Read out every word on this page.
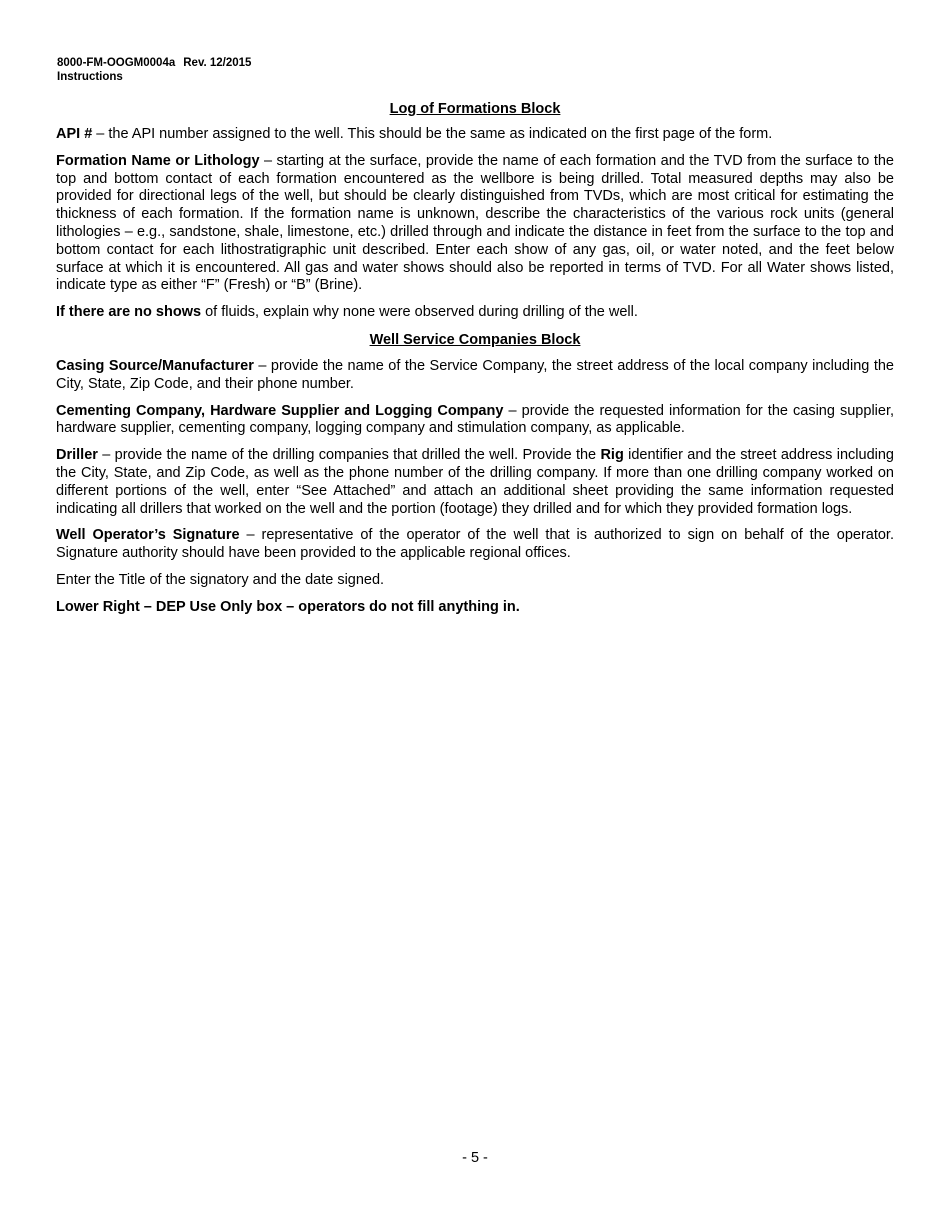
8000-FM-OOGM0004a Rev. 12/2015
Instructions
Log of Formations Block

API # – the API number assigned to the well. This should be the same as indicated on the first page of the form.

Formation Name or Lithology – starting at the surface, provide the name of each formation and the TVD from the surface to the top and bottom contact of each formation encountered as the wellbore is being drilled. Total measured depths may also be provided for directional legs of the well, but should be clearly distinguished from TVDs, which are most critical for estimating the thickness of each formation. If the formation name is unknown, describe the characteristics of the various rock units (general lithologies – e.g., sandstone, shale, limestone, etc.) drilled through and indicate the distance in feet from the surface to the top and bottom contact for each lithostratigraphic unit described. Enter each show of any gas, oil, or water noted, and the feet below surface at which it is encountered. All gas and water shows should also be reported in terms of TVD. For all Water shows listed, indicate type as either “F” (Fresh) or “B” (Brine).

If there are no shows of fluids, explain why none were observed during drilling of the well.

Well Service Companies Block

Casing Source/Manufacturer – provide the name of the Service Company, the street address of the local company including the City, State, Zip Code, and their phone number.

Cementing Company, Hardware Supplier and Logging Company – provide the requested information for the casing supplier, hardware supplier, cementing company, logging company and stimulation company, as applicable.

Driller – provide the name of the drilling companies that drilled the well. Provide the Rig identifier and the street address including the City, State, and Zip Code, as well as the phone number of the drilling company. If more than one drilling company worked on different portions of the well, enter “See Attached” and attach an additional sheet providing the same information requested indicating all drillers that worked on the well and the portion (footage) they drilled and for which they provided formation logs.

Well Operator’s Signature – representative of the operator of the well that is authorized to sign on behalf of the operator. Signature authority should have been provided to the applicable regional offices.

Enter the Title of the signatory and the date signed.

Lower Right – DEP Use Only box – operators do not fill anything in.

- 5 -
